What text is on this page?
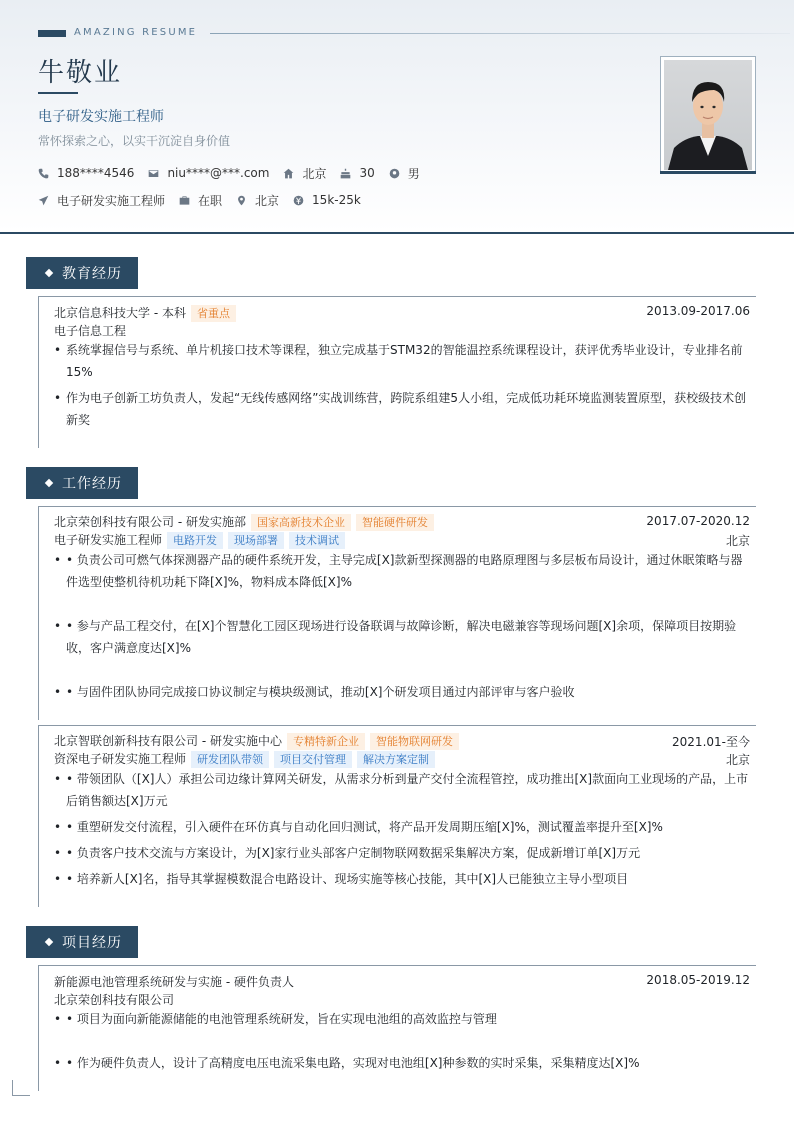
AMAZING RESUME
牛敬业
电子研发实施工程师
常怀探索之心，以实干沉淀自身价值
188****4546	niu****@***.com	北京	30	男
电子研发实施工程师	在职	北京	15k-25k
教育经历
北京信息科技大学 - 本科 省重点	2013.09-2017.06
电子信息工程
• 系统掌握信号与系统、单片机接口技术等课程，独立完成基于STM32的智能温控系统课程设计，获评优秀毕业设计，专业排名前15%
• 作为电子创新工坊负责人，发起“无线传感网络”实战训练营，跨院系组建5人小组，完成低功耗环境监测装置原型，获校级技术创新奖
工作经历
北京荣创科技有限公司 - 研发实施部 国家高新技术企业 智能硬件研发	2017.07-2020.12
电子研发实施工程师 电路开发 现场部署 技术调试	北京
• • 负责公司可燃气体探测器产品的硬件系统开发，主导完成[X]款新型探测器的电路原理图与多层板布局设计，通过休眠策略与器件选型使整机待机功耗下降[X]%，物料成本降低[X]%
• • 参与产品工程交付，在[X]个智慧化工园区现场进行设备联调与故障诊断，解决电磁兼容等现场问题[X]余项，保障项目按期验收，客户满意度达[X]%
• • 与固件团队协同完成接口协议制定与模块级测试，推动[X]个研发项目通过内部评审与客户验收
北京智联创新科技有限公司 - 研发实施中心 专精特新企业 智能物联网研发	2021.01-至今
资深电子研发实施工程师 研发团队带领 项目交付管理 解决方案定制	北京
• • 带领团队（[X]人）承担公司边缘计算网关研发，从需求分析到量产交付全流程管控，成功推出[X]款面向工业现场的产品，上市后销售额达[X]万元
• • 重塑研发交付流程，引入硬件在环仿真与自动化回归测试，将产品开发周期压缩[X]%，测试覆盖率提升至[X]%
• • 负责客户技术交流与方案设计，为[X]家行业头部客户定制物联网数据采集解决方案，促成新增订单[X]万元
• • 培养新人[X]名，指导其掌握模数混合电路设计、现场实施等核心技能，其中[X]人已能独立主导小型项目
项目经历
新能源电池管理系统研发与实施 - 硬件负责人	2018.05-2019.12
北京荣创科技有限公司
• • 项目为面向新能源储能的电池管理系统研发，旨在实现电池组的高效监控与管理
• • 作为硬件负责人，设计了高精度电压电流采集电路，实现对电池组[X]种参数的实时采集，采集精度达[X]%
